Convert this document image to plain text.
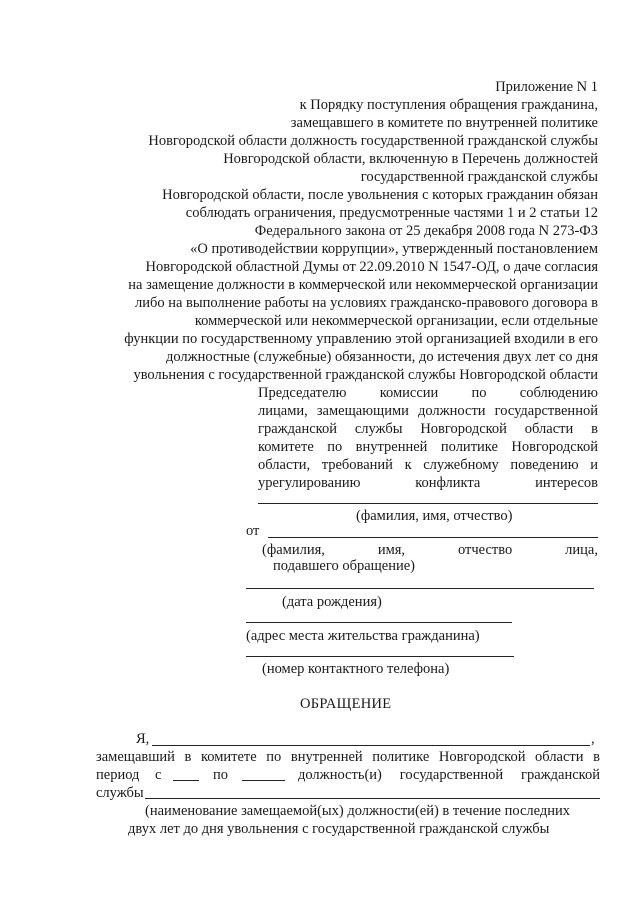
Приложение N 1
к Порядку поступления обращения гражданина,
замещавшего в комитете по внутренней политике
Новгородской области должность государственной гражданской службы
Новгородской области, включенную в Перечень должностей
государственной гражданской службы
Новгородской области, после увольнения с которых гражданин обязан
соблюдать ограничения, предусмотренные частями 1 и 2 статьи 12
Федерального закона от 25 декабря 2008 года N 273-ФЗ
«О противодействии коррупции», утвержденный постановлением
Новгородской областной Думы от 22.09.2010 N 1547-ОД, о даче согласия
на замещение должности в коммерческой или некоммерческой организации
либо на выполнение работы на условиях гражданско-правового договора в
коммерческой или некоммерческой организации, если отдельные
функции по государственному управлению этой организацией входили в его
должностные (служебные) обязанности, до истечения двух лет со дня
увольнения с государственной гражданской службы Новгородской области
Председателю комиссии по соблюдению
лицами, замещающими должности государственной
гражданской службы Новгородской области в
комитете по внутренней политике Новгородской
области, требований к служебному поведению и
урегулированию	конфликта	интересов
(фамилия, имя, отчество)
от
(фамилия,	имя,	отчество	лица,
подавшего обращение)
(дата рождения)
(адрес места жительства гражданина)
(номер контактного телефона)
ОБРАЩЕНИЕ
Я,	,
замещавший в комитете по внутренней политике Новгородской области в
период с	по	должность(и) государственной гражданской
службы
(наименование замещаемой(ых) должности(ей) в течение последних
двух лет до дня увольнения с государственной гражданской службы
